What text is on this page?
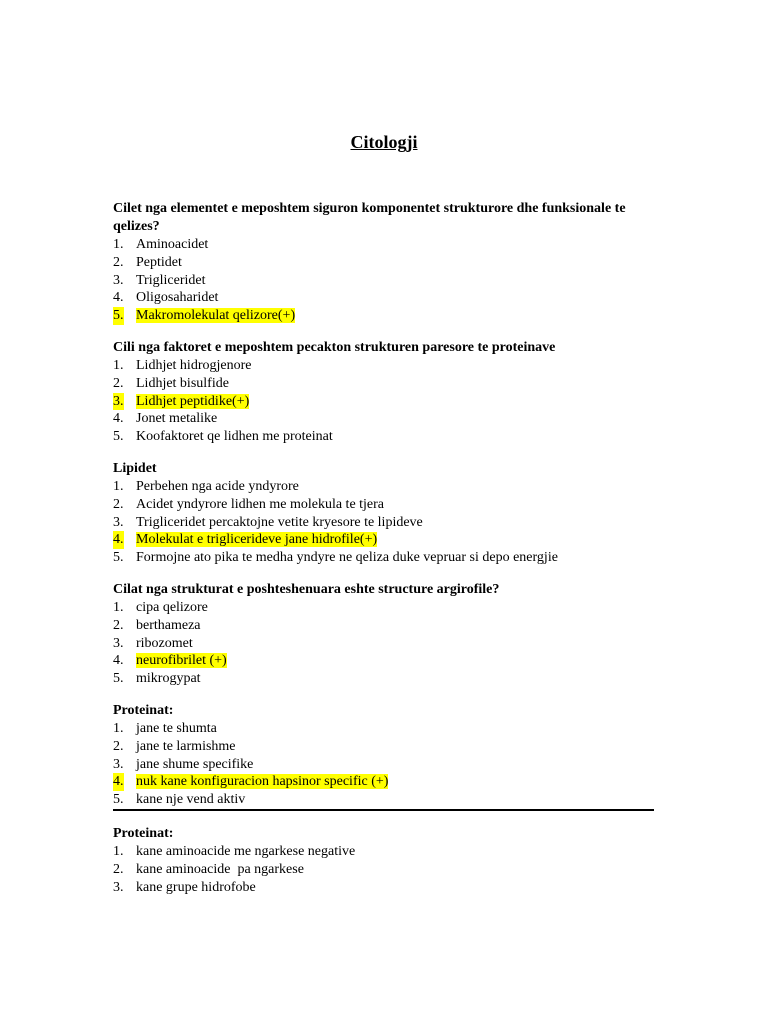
Citologji
Cilet nga elementet e meposhtem siguron komponentet strukturore dhe funksionale te qelizes?
1. Aminoacidet
2. Peptidet
3. Trigliceridet
4. Oligosaharidet
5. Makromolekulat qelizore(+)
Cili nga faktoret e meposhtem pecakton strukturen paresore te proteinave
1. Lidhjet hidrogjenore
2. Lidhjet bisulfide
3. Lidhjet peptidike(+)
4. Jonet metalike
5. Koofaktoret qe lidhen me proteinat
Lipidet
1. Perbehen nga acide yndyrore
2. Acidet yndyrore lidhen me molekula te tjera
3. Trigliceridet percaktojne vetite kryesore te lipideve
4. Molekulat e triglicerideve jane hidrofile(+)
5. Formojne ato pika te medha yndyre ne qeliza duke vepruar si depo energjie
Cilat nga strukturat e poshteshenuara eshte structure argirofile?
1. cipa qelizore
2. berthameza
3. ribozomet
4. neurofibrilet (+)
5. mikrogypat
Proteinat:
1. jane te shumta
2. jane te larmishme
3. jane shume specifike
4. nuk kane konfiguracion hapsinor specific (+)
5. kane nje vend aktiv
Proteinat:
1. kane aminoacide me ngarkese negative
2. kane aminoacide  pa ngarkese
3. kane grupe hidrofobe
